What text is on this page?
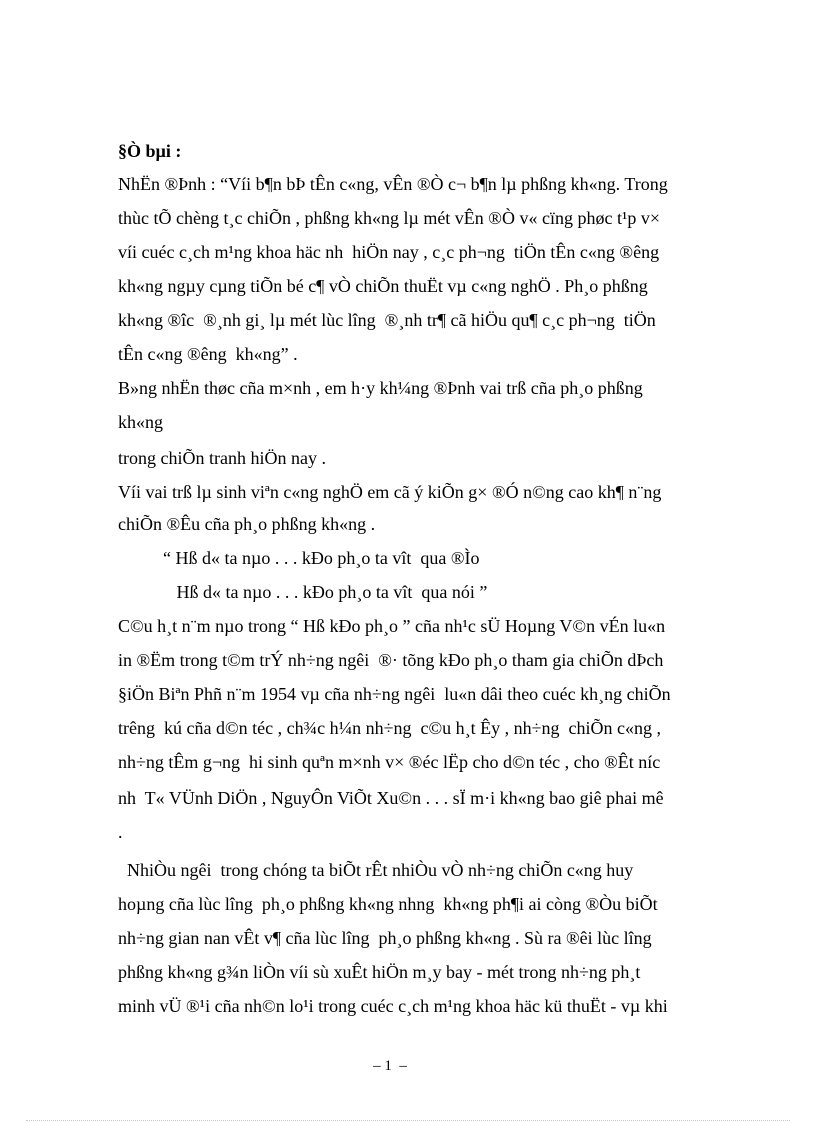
§Ò bµi :
NhËn ®Þnh : “Víi b¶n bÞ tÊn c«ng, vÊn ®Ò c¬ b¶n lµ phßng kh«ng. Trong
thùc tÕ chèng t¸c chiÕn , phßng kh«ng lµ mét vÊn ®Ò v« cïng phøc t¹p v×
víi cuéc c¸ch m¹ng khoa häc nh  hiÖn nay , c¸c ph¬ng  tiÖn tÊn c«ng ®êng
kh«ng ngµy cµng tiÕn bé c¶ vÒ chiÕn thuËt vµ c«ng nghÖ . Ph¸o phßng
kh«ng ®îc  ®¸nh gi¸ lµ mét lùc lîng  ®¸nh tr¶ cã hiÖu qu¶ c¸c ph¬ng  tiÖn
tÊn c«ng ®êng  kh«ng” .
B»ng nhËn thøc cña m×nh , em h·y kh¼ng ®Þnh vai trß cña ph¸o phßng
kh«ng
trong chiÕn tranh hiÖn nay .
Víi vai trß lµ sinh viªn c«ng nghÖ em cã ý kiÕn g× ®Ó n©ng cao kh¶ n¨ng
chiÕn ®Êu cña ph¸o phßng kh«ng .
“ Hß d« ta nµo . . . kÐo ph¸o ta vît  qua ®Ìo
Hß d« ta nµo . . . kÐo ph¸o ta vît  qua nói ”
C©u h¸t n¨m nµo trong “ Hß kÐo ph¸o ” cña nh¹c sÜ Hoµng V©n vÉn lu«n
in ®Ëm trong t©m trÝ nh÷ng ngêi  ®· tõng kÐo ph¸o tham gia chiÕn dÞch
§iÖn Biªn Phñ n¨m 1954 vµ cña nh÷ng ngêi  lu«n dâi theo cuéc kh¸ng chiÕn
trêng  kú cña d©n téc , ch¾c h¼n nh÷ng  c©u h¸t Êy , nh÷ng  chiÕn c«ng ,
nh÷ng tÊm g¬ng  hi sinh quªn m×nh v× ®éc lËp cho d©n téc , cho ®Êt níc
nh  T« VÜnh DiÖn , NguyÔn ViÕt Xu©n . . . sÏ m·i kh«ng bao giê phai mê
.
NhiÒu ngêi  trong chóng ta biÕt rÊt nhiÒu vÒ nh÷ng chiÕn c«ng huy
hoµng cña lùc lîng  ph¸o phßng kh«ng nhng  kh«ng ph¶i ai còng ®Òu biÕt
nh÷ng gian nan vÊt v¶ cña lùc lîng  ph¸o phßng kh«ng . Sù ra ®êi lùc lîng
phßng kh«ng g¾n liÒn víi sù xuÊt hiÖn m¸y bay - mét trong nh÷ng ph¸t
minh vÜ ®¹i cña nh©n lo¹i trong cuéc c¸ch m¹ng khoa häc kü thuËt - vµ khi
– 1  –
